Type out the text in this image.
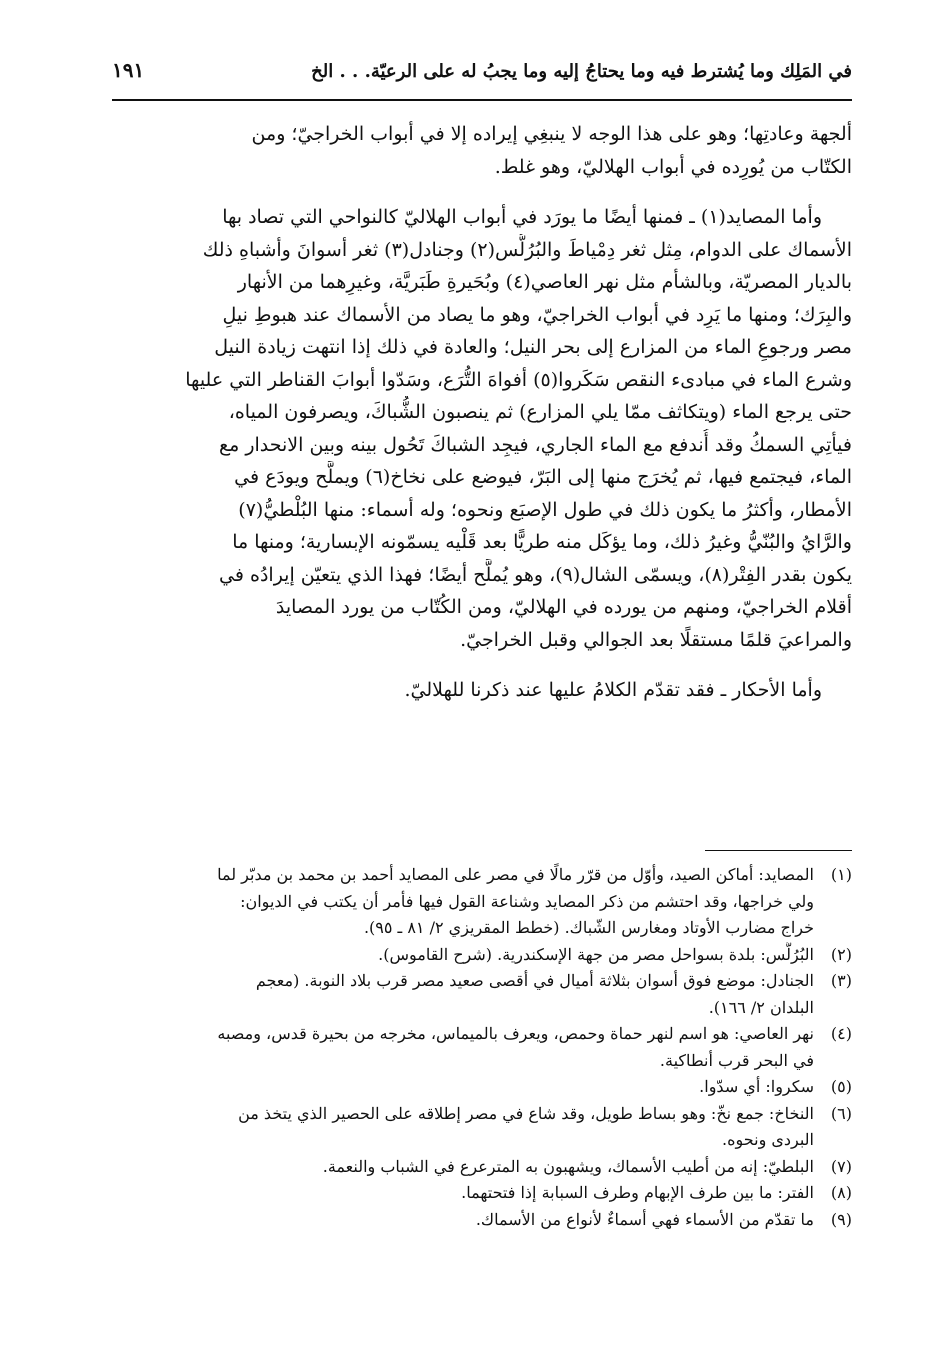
في المَلِك وما يُشترط فيه وما يحتاجُ إليه وما يجبُ له على الرعيّة. . . الخ
١٩١
ألجهة وعادتِها؛ وهو على هذا الوجه لا ينبغِي إيراده إلا في أبواب الخراجيّ؛ ومن
الكتّاب من يُورِده في أبواب الهلاليّ، وهو غلط.
وأما المصايد(١) ـ فمنها أيضًا ما يورَد في أبواب الهلاليّ كالنواحي التي تصاد بها
الأسماك على الدوام، مِثل ثغر دِمْياطَ والبُرُلُّس(٢) وجنادل(٣) ثغر أسوانَ وأشباهِ ذلك
بالديار المصريّة، وبالشأم مثل نهر العاصي(٤) وبُحَيرةِ طَبَريَّة، وغيرِهما من الأنهار
والبِرَك؛ ومنها ما يَرِد في أبواب الخراجيّ، وهو ما يصاد من الأسماك عند هبوطِ نيلِ
مصر ورجوعِ الماء من المزارع إلى بحر النيل؛ والعادة في ذلك إذا انتهت زيادة النيل
وشرع الماء في مبادىء النقص سَكَروا(٥) أفواهَ التُّرَع، وسَدّوا أبوابَ القناطر التي عليها
حتى يرجع الماء (ويتكاثف ممّا يلي المزارع) ثم ينصبون الشُّباكَ، ويصرفون المياه،
فيأتِي السمكُ وقد أُندفع مع الماء الجاري، فيجِد الشباكَ تَحُول بينه وبين الانحدار مع
الماء، فيجتمع فيها، ثم يُخرَج منها إلى البَرّ، فيوضع على نخاخ(٦) ويملَّح ويودَع في
الأمطار، وأكثرُ ما يكون ذلك في طول الإصبَع ونحوه؛ وله أسماء: منها البُلْطيُّ(٧)
والرَّايُ والبُنّيُّ وغيرُ ذلك، وما يؤكَل منه طريًّا بعد قَلْيه يسمّونه الإبسارية؛ ومنها ما
يكون بقدر الفِتْر(٨)، ويسمّى الشال(٩)، وهو يُملَّح أيضًا؛ فهذا الذي يتعيّن إيرادُه في
أقلام الخراجيّ، ومنهم من يورده في الهلاليّ، ومن الكُتّاب من يورد المصايدَ
والمراعيَ قلمًا مستقلًا بعد الجوالي وقبل الخراجيّ.
وأما الأحكار ـ فقد تقدّم الكلامُ عليها عند ذكرنا للهلاليّ.
(١)
المصايد: أماكن الصيد، وأوّل من قرّر مالًا في مصر على المصايد أحمد بن محمد بن مدبّر لما
ولي خراجها، وقد احتشم من ذكر المصايد وشناعة القول فيها فأمر أن يكتب في الديوان:
خراج مضارب الأوتاد ومغارس الشّباك. (خطط المقريزي ٢/ ٨١ ـ ٩٥).
(٢)
البُرُلُّس: بلدة بسواحل مصر من جهة الإسكندرية. (شرح القاموس).
(٣)
الجنادل: موضع فوق أسوان بثلاثة أميال في أقصى صعيد مصر قرب بلاد النوبة. (معجم
البلدان ٢/ ١٦٦).
(٤)
نهر العاصي: هو اسم لنهر حماة وحمص، ويعرف بالميماس، مخرجه من بحيرة قدس، ومصبه
في البحر قرب أنطاكية.
(٥)
سكروا: أي سدّوا.
(٦)
النخاخ: جمع نخّ: وهو بساط طويل، وقد شاع في مصر إطلاقه على الحصير الذي يتخذ من
البردى ونحوه.
(٧)
البلطيّ: إنه من أطيب الأسماك، ويشهبون به المترعرع في الشباب والنعمة.
(٨)
الفتر: ما بين طرف الإبهام وطرف السبابة إذا فتحتهما.
(٩)
ما تقدّم من الأسماء فهي أسماءٌ لأنواع من الأسماك.
